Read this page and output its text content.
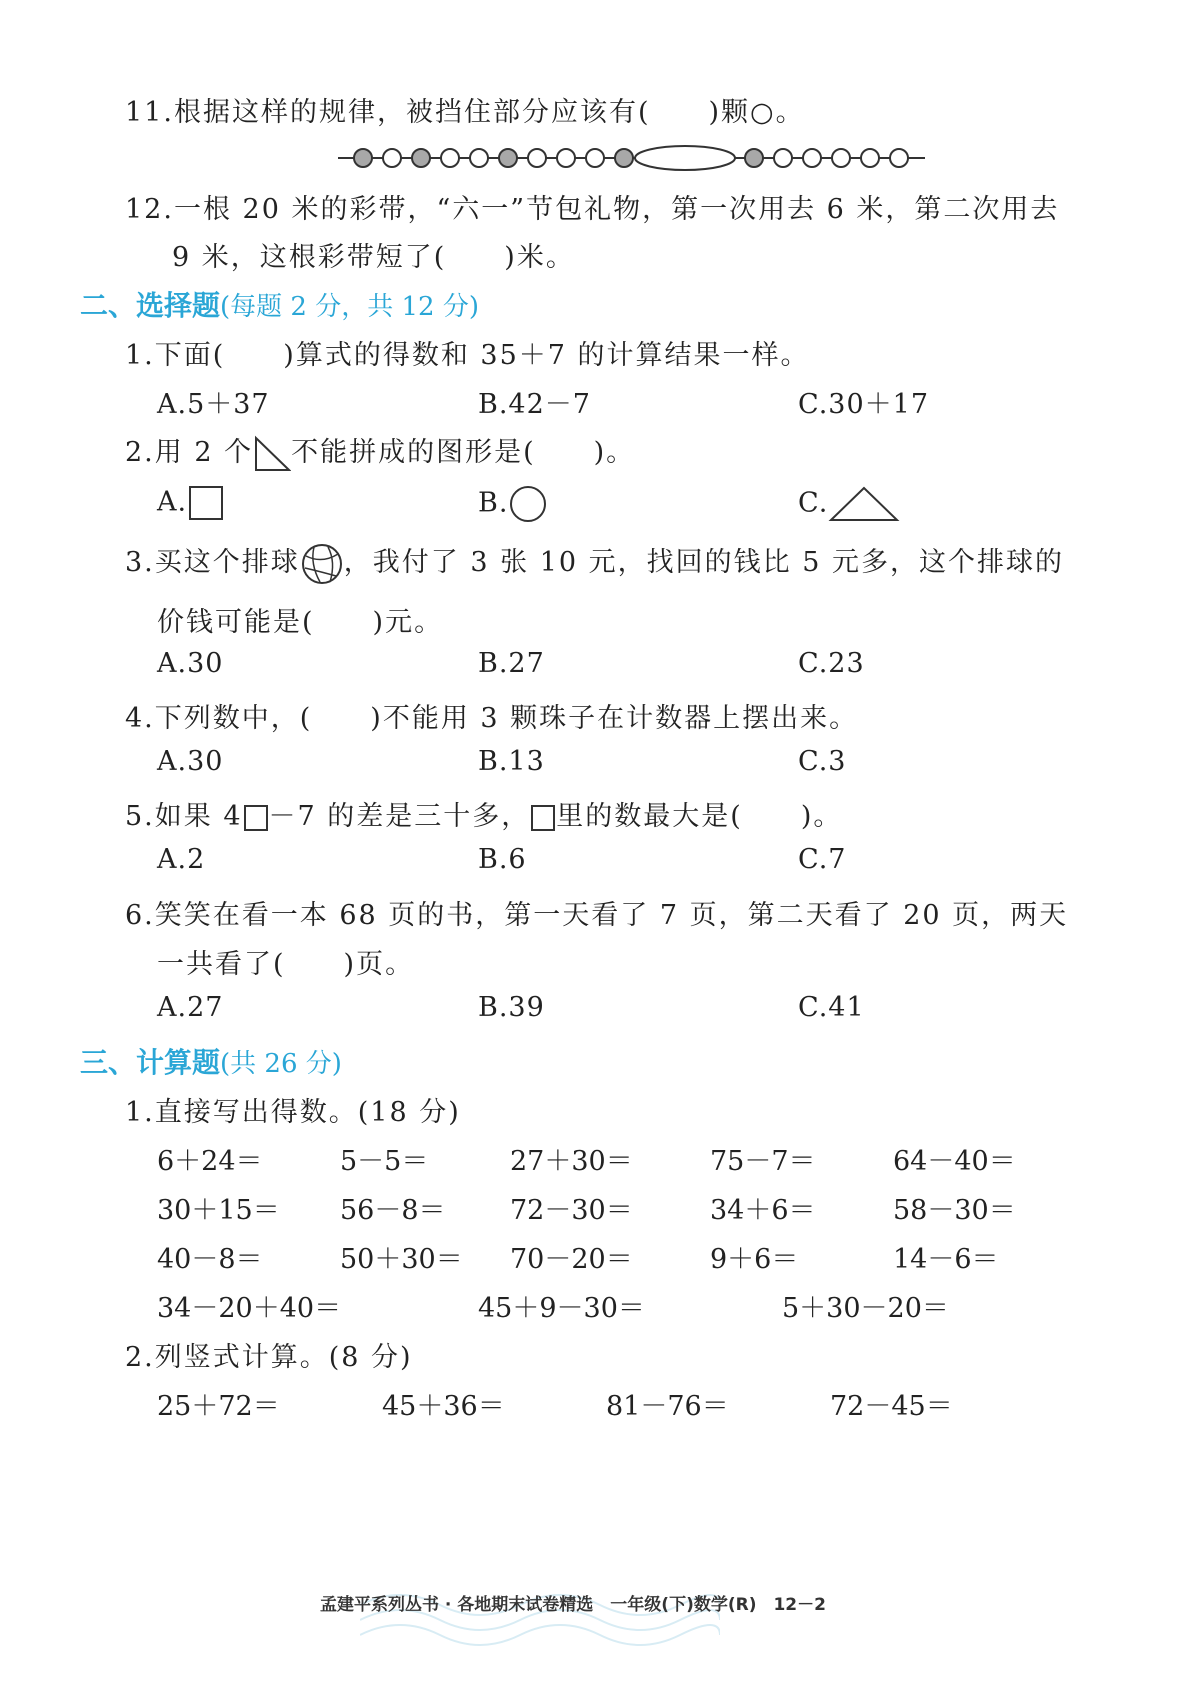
11.根据这样的规律，被挡住部分应该有(　　)颗○。
12.一根 20 米的彩带，“六一”节包礼物，第一次用去 6 米，第二次用去
9 米，这根彩带短了(　　)米。
二、选择题(每题 2 分，共 12 分)
1.下面(　　)算式的得数和 35＋7 的计算结果一样。
A.5＋37	B.42－7	C.30＋17
2.用 2 个 不能拼成的图形是(　　)。
A.	B.	C.
3.买这个排球 ，我付了 3 张 10 元，找回的钱比 5 元多，这个排球的
价钱可能是(　　)元。
A.30	B.27	C.23
4.下列数中，(　　)不能用 3 颗珠子在计数器上摆出来。
A.30	B.13	C.3
5.如果 4 －7 的差是三十多， 里的数最大是(　　)。
A.2	B.6	C.7
6.笑笑在看一本 68 页的书，第一天看了 7 页，第二天看了 20 页，两天
一共看了(　　)页。
A.27	B.39	C.41
三、计算题(共 26 分)
1.直接写出得数。(18 分)
6＋24＝	5－5＝	27＋30＝	75－7＝	64－40＝
30＋15＝ 56－8＝ 72－30＝	34＋6＝	58－30＝
40－8＝	50＋30＝ 70－20＝	9＋6＝	14－6＝
34－20＋40＝	45＋9－30＝	5＋30－20＝
2.列竖式计算。(8 分)
25＋72＝	45＋36＝	81－76＝	72－45＝
孟建平系列丛书 · 各地期末试卷精选　一年级(下)数学(R)　12－2
